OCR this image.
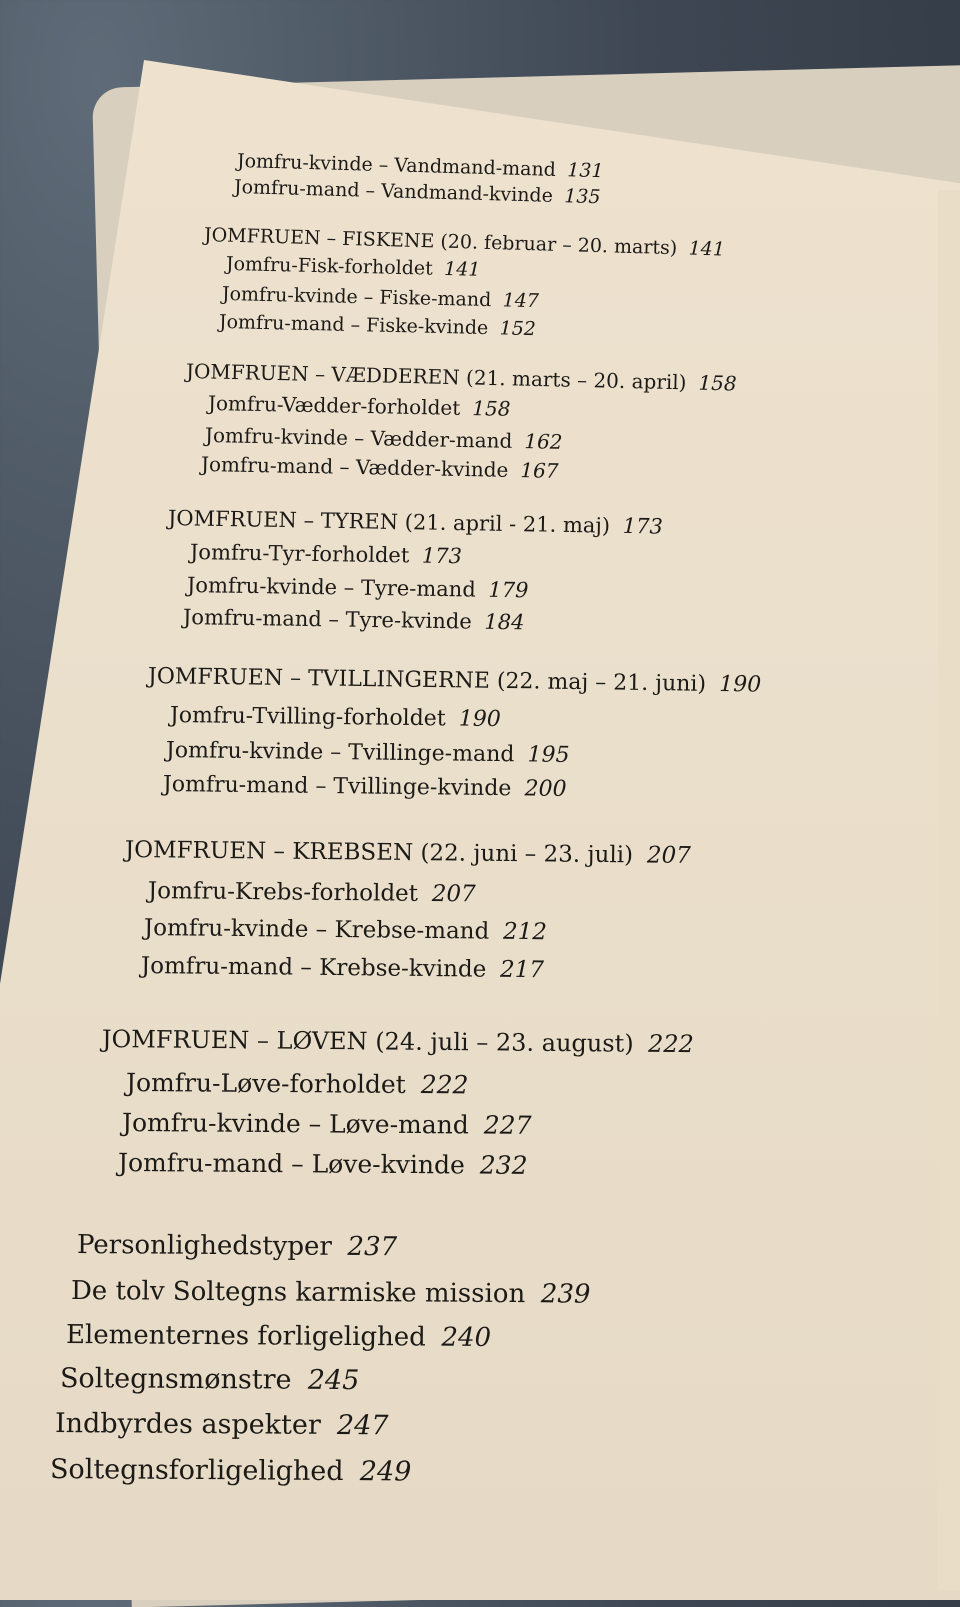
Jomfru-kvinde – Vandmand-mand 131
Jomfru-mand – Vandmand-kvinde 135
JOMFRUEN – FISKENE (20. februar – 20. marts) 141
Jomfru-Fisk-forholdet 141
Jomfru-kvinde – Fiske-mand 147
Jomfru-mand – Fiske-kvinde 152
JOMFRUEN – VÆDDEREN (21. marts – 20. april) 158
Jomfru-Vædder-forholdet 158
Jomfru-kvinde – Vædder-mand 162
Jomfru-mand – Vædder-kvinde 167
JOMFRUEN – TYREN (21. april - 21. maj) 173
Jomfru-Tyr-forholdet 173
Jomfru-kvinde – Tyre-mand 179
Jomfru-mand – Tyre-kvinde 184
JOMFRUEN – TVILLINGERNE (22. maj – 21. juni) 190
Jomfru-Tvilling-forholdet 190
Jomfru-kvinde – Tvillinge-mand 195
Jomfru-mand – Tvillinge-kvinde 200
JOMFRUEN – KREBSEN (22. juni – 23. juli) 207
Jomfru-Krebs-forholdet 207
Jomfru-kvinde – Krebse-mand 212
Jomfru-mand – Krebse-kvinde 217
JOMFRUEN – LØVEN (24. juli – 23. august) 222
Jomfru-Løve-forholdet 222
Jomfru-kvinde – Løve-mand 227
Jomfru-mand – Løve-kvinde 232
Personlighedstyper 237
De tolv Soltegns karmiske mission 239
Elementernes forligelighed 240
Soltegnsmønstre 245
Indbyrdes aspekter 247
Soltegnsforligelighed 249
